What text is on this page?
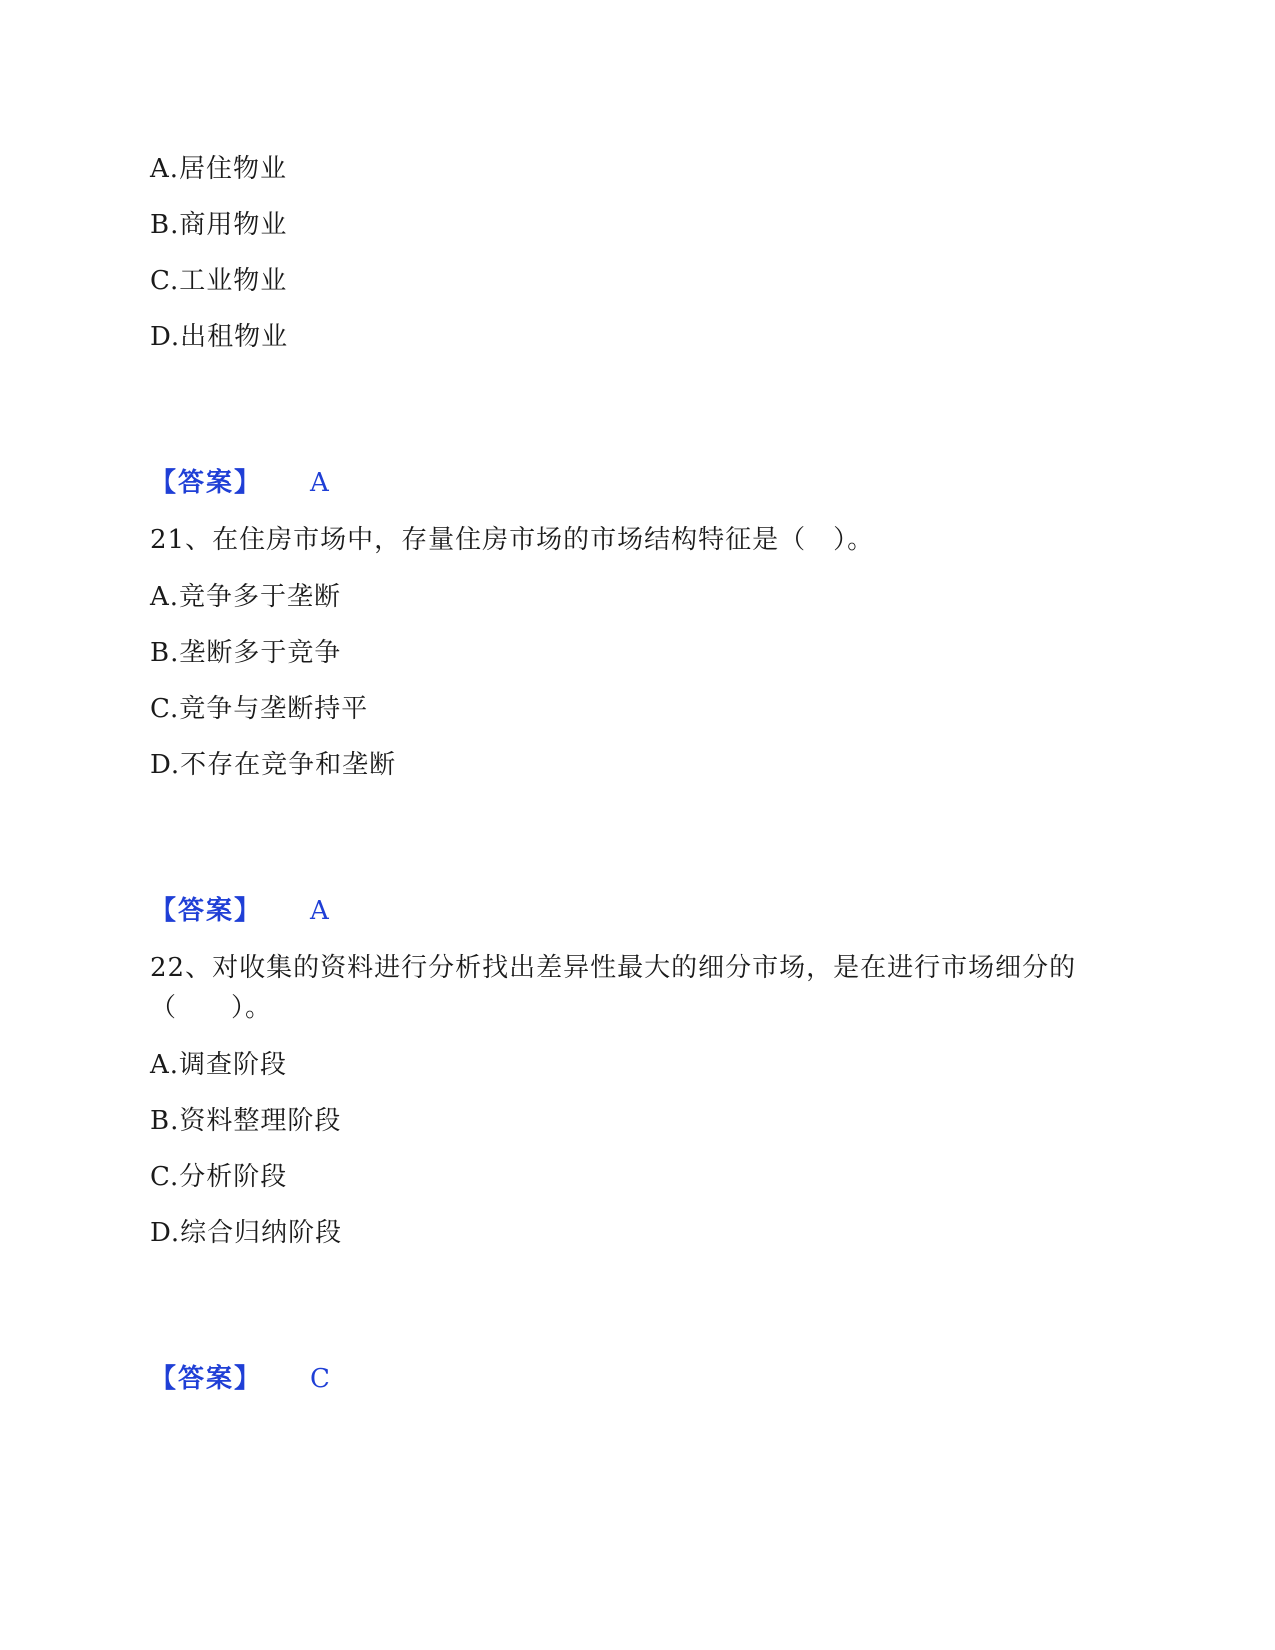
A.居住物业
B.商用物业
C.工业物业
D.出租物业
【答案】 A
21、在住房市场中，存量住房市场的市场结构特征是（　）。
A.竞争多于垄断
B.垄断多于竞争
C.竞争与垄断持平
D.不存在竞争和垄断
【答案】 A
22、对收集的资料进行分析找出差异性最大的细分市场，是在进行市场细分的（　　）。
A.调查阶段
B.资料整理阶段
C.分析阶段
D.综合归纳阶段
【答案】 C
